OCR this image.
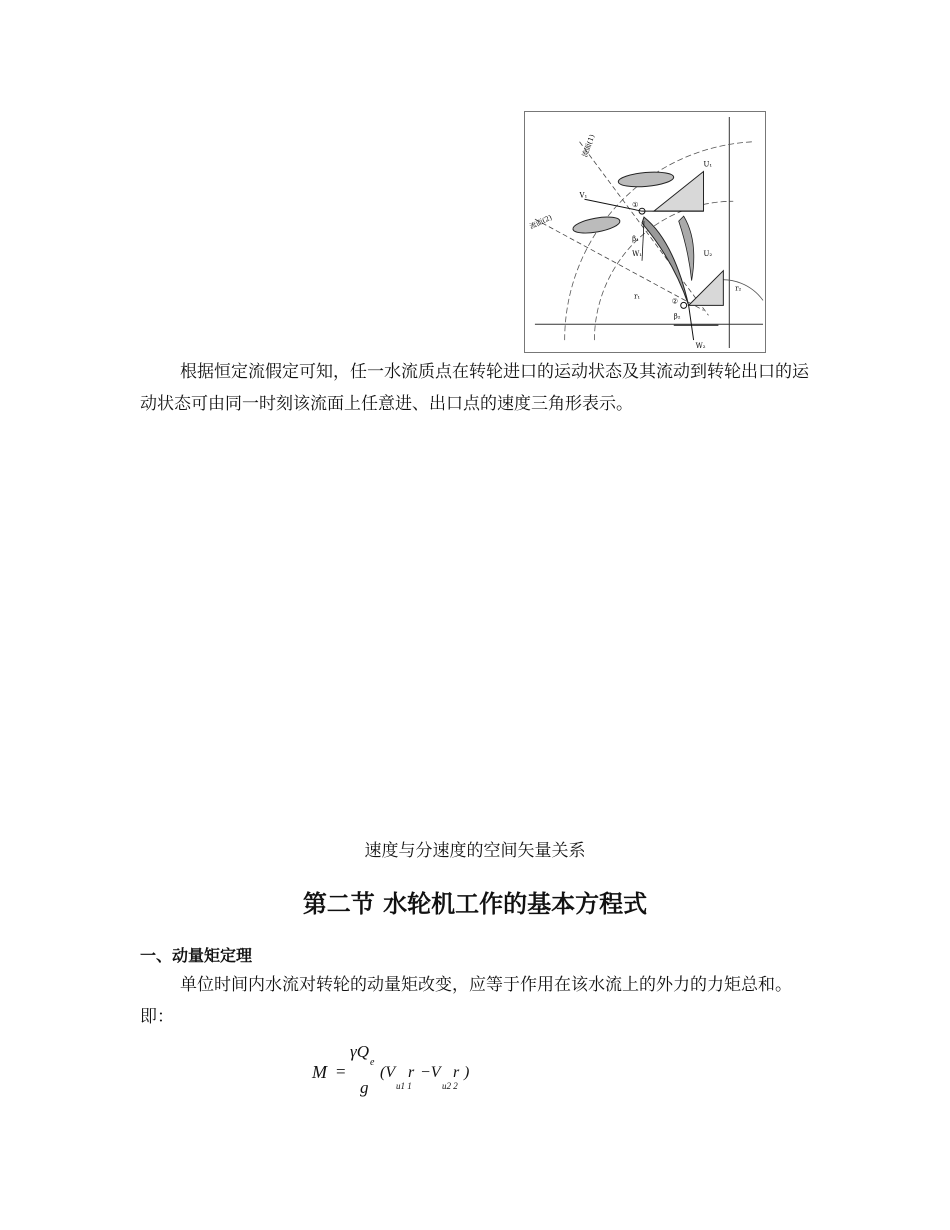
流面(1)
流面(2)
V₁
U₁
W₁
β₁
U₂
W₂
β₂
r₁
r₂
①
②
根据恒定流假定可知，任一水流质点在转轮进口的运动状态及其流动到转轮出口的运动状态可由同一时刻该流面上任意进、出口点的速度三角形表示。
速度与分速度的空间矢量关系
第二节 水轮机工作的基本方程式
一、动量矩定理
单位时间内水流对转轮的动量矩改变，应等于作用在该水流上的外力的力矩总和。即：
M =
γQ
e
g
(V r
u1 1
−V r
u2 2
)
